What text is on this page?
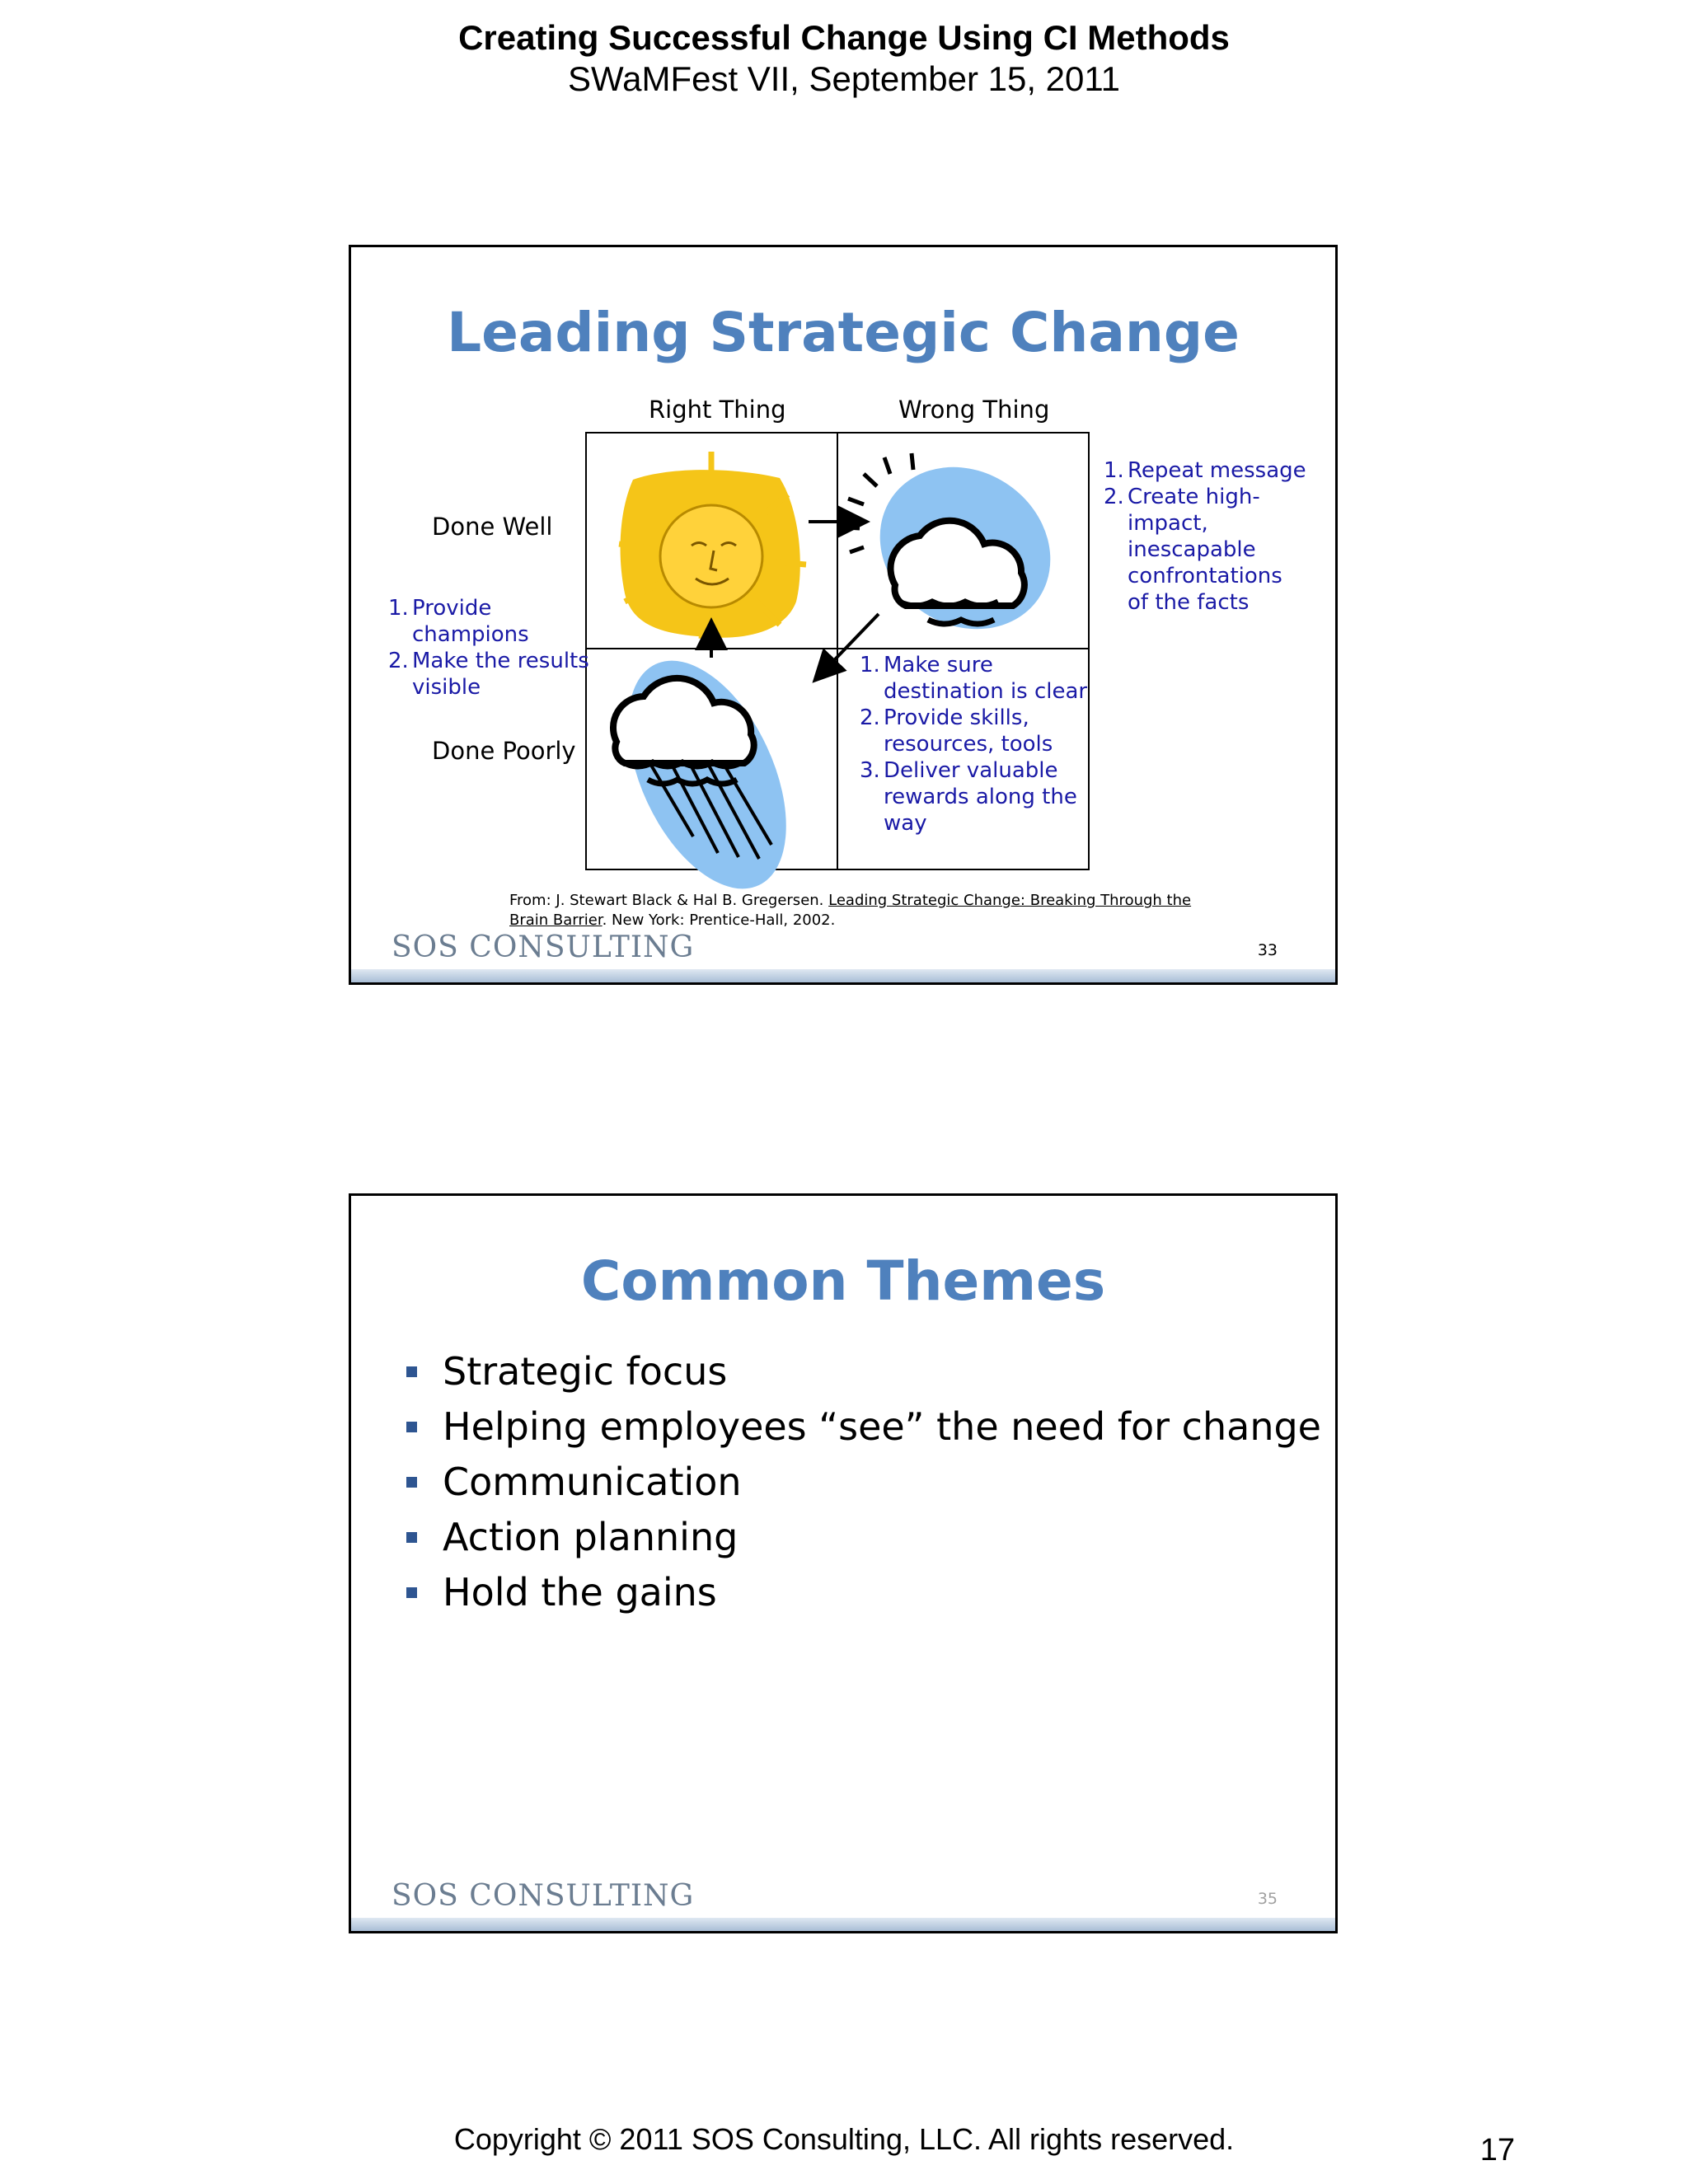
Creating Successful Change Using CI Methods
SWaMFest VII, September 15, 2011
Leading Strategic Change
Right Thing	Wrong Thing
Done Well
Done Poorly
1. Repeat message
2. Create high-
impact,
inescapable
confrontations
of the facts
1. Provide
champions
2. Make the results
visible
1. Make sure
destination is clear
2. Provide skills,
resources, tools
3. Deliver valuable
rewards along the
way
From: J. Stewart Black & Hal B. Gregersen. Leading Strategic Change: Breaking Through the Brain Barrier. New York: Prentice-Hall, 2002.
SOS CONSULTING	33
Common Themes
Strategic focus
Helping employees “see” the need for change
Communication
Action planning
Hold the gains
SOS CONSULTING	35
Copyright © 2011 SOS Consulting, LLC. All rights reserved.	17
